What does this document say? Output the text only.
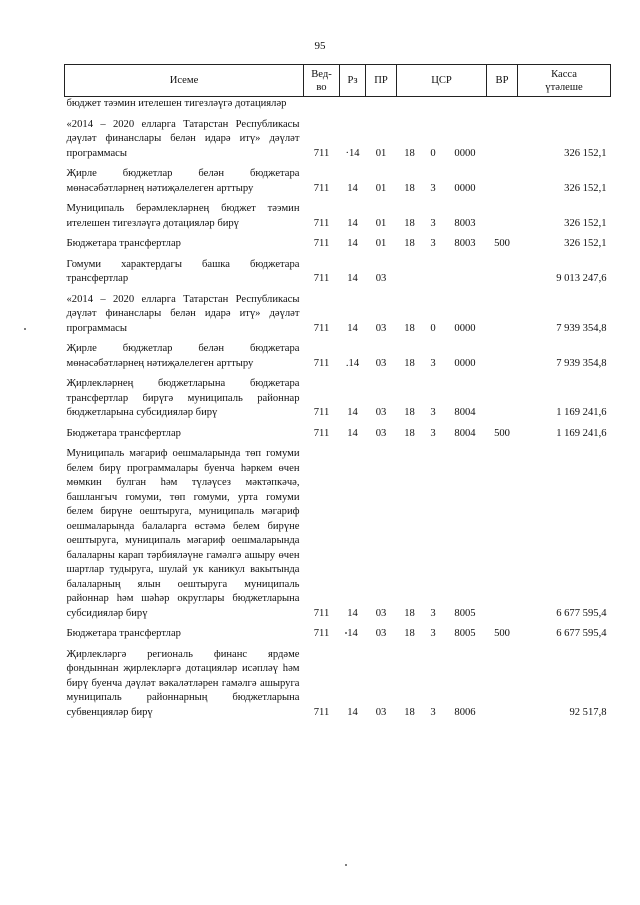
95
Исеме	Вед-
во	Рз	ПР	ЦСР			ВР	Касса
үтәлеше
бюджет тәэмин ителешен тигезләүгә дотацияләр								
«2014 – 2020 елларга Татарстан Республикасы дәүләт финанслары белән идарә итү» дәүләт программасы	711	·14	01	18	0	0000		326 152,1
Җирле бюджетлар белән бюджетара мөнәсәбәтләрнең нәтиҗәлелеген арттыру	711	14	01	18	3	0000		326 152,1
Муниципаль берәмлекләрнең бюджет тәэмин ителешен тигезләүгә дотацияләр бирү	711	14	01	18	3	8003		326 152,1
Бюджетара трансфертлар	711	14	01	18	3	8003	500	326 152,1
Гомуми характердагы башка бюджетара трансфертлар	711	14	03					9 013 247,6
«2014 – 2020 елларга Татарстан Республикасы дәүләт финанслары белән идарә итү» дәүләт программасы	711	14	03	18	0	0000		7 939 354,8
Җирле бюджетлар белән бюджетара мөнәсәбәтләрнең нәтиҗәлелеген арттыру	711	.14	03	18	3	0000		7 939 354,8
Җирлекләрнең бюджетларына бюджетара трансфертлар бирүгә муниципаль районнар бюджетларына субсидияләр бирү	711	14	03	18	3	8004		1 169 241,6
Бюджетара трансфертлар	711	14	03	18	3	8004	500	1 169 241,6
Муниципаль мәгариф оешмаларында төп гомуми белем бирү программалары буенча һәркем өчен мөмкин булган һәм түләүсез мәктәпкәчә, башлангыч гомуми, төп гомуми, урта гомуми белем бирүне оештыруга, муниципаль мәгариф оешмаларында балаларга өстәмә белем бирүне оештыруга, муниципаль мәгариф оешмаларында балаларны карап тәрбияләүне гамәлгә ашыру өчен шартлар тудыруга, шулай ук каникул вакытында балаларның ялын оештыруга муниципаль районнар һәм шәһәр округлары бюджетларына субсидияләр бирү	711	14	03	18	3	8005		6 677 595,4
Бюджетара трансфертлар	711	14	03	18	3	8005	500	6 677 595,4
Җирлекләргә региональ финанс ярдәме фондыннан җирлекләргә дотацияләр исәпләү һәм бирү буенча дәүләт вәкаләтләрен гамәлгә ашыруга муниципаль районнарның бюджетларына субвенцияләр бирү	711	14	03	18	3	8006		92 517,8
